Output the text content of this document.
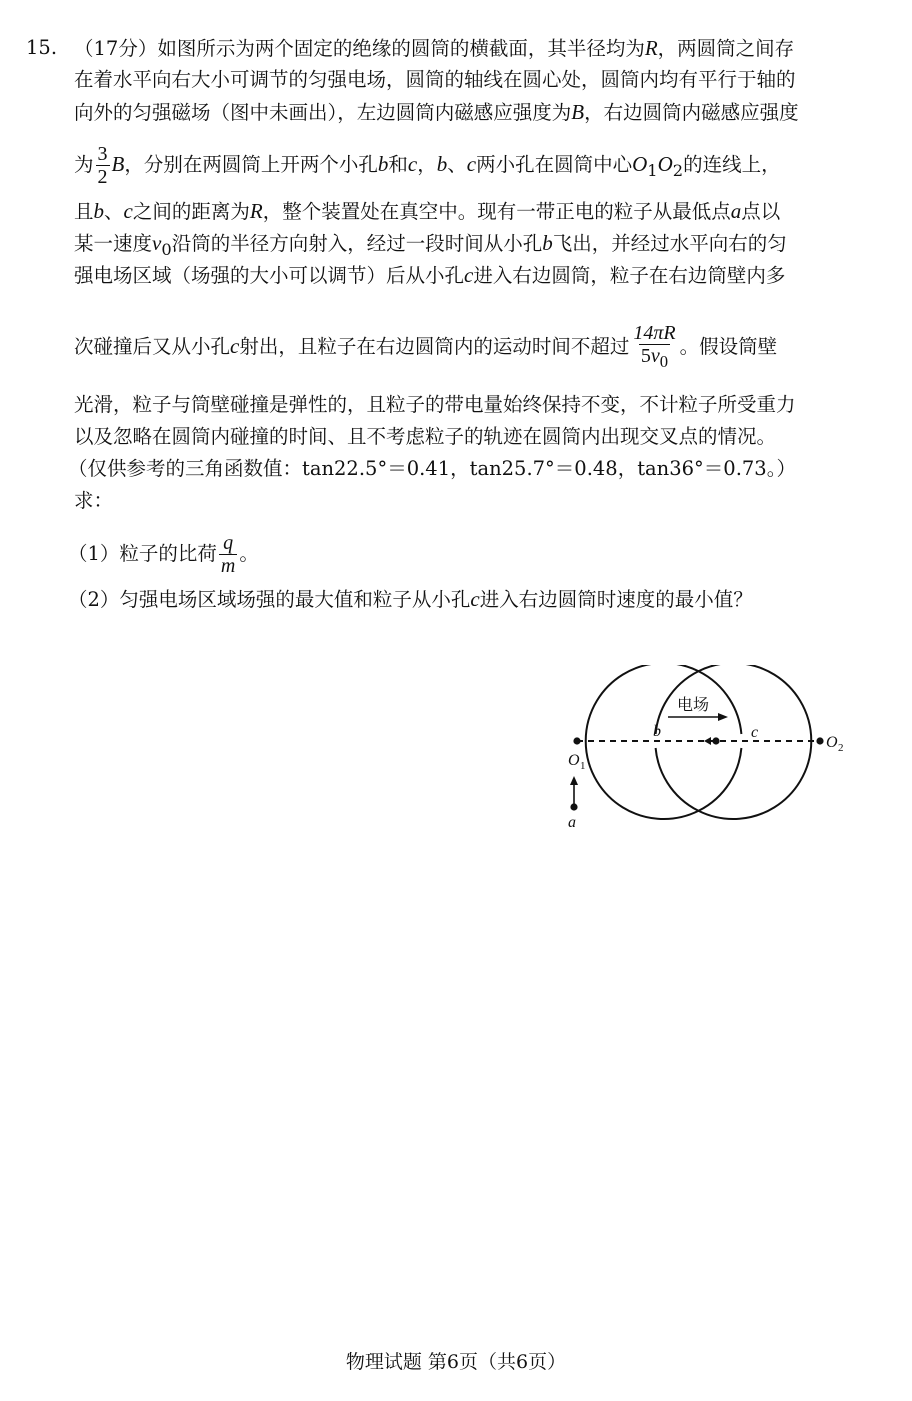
15. （17分）如图所示为两个固定的绝缘的圆筒的横截面，其半径均为R，两圆筒之间存
在着水平向右大小可调节的匀强电场，圆筒的轴线在圆心处，圆筒内均有平行于轴的
向外的匀强磁场（图中未画出），左边圆筒内磁感应强度为B，右边圆筒内磁感应强度
为 $\frac{3}{2}$ B，分别在两圆筒上开两个小孔b和c，b、c两小孔在圆筒中心$O_1O_2$的连线上，
且b、c之间的距离为R，整个装置处在真空中。现有一带正电的粒子从最低点a点以
某一速度$v_0$沿筒的半径方向射入，经过一段时间从小孔b飞出，并经过水平向右的匀
强电场区域（场强的大小可以调节）后从小孔c进入右边圆筒，粒子在右边筒壁内多
次碰撞后又从小孔c射出，且粒子在右边圆筒内的运动时间不超过 $\frac{14\pi R}{5v_0}$ 。假设筒壁
光滑，粒子与筒壁碰撞是弹性的，且粒子的带电量始终保持不变，不计粒子所受重力
以及忽略在圆筒内碰撞的时间、且不考虑粒子的轨迹在圆筒内出现交叉点的情况。
（仅供参考的三角函数值：tan22.5°＝0.41，tan25.7°＝0.48，tan36°＝0.73。）
求：
（1）粒子的比荷 $\frac{q}{m}$ 。
（2）匀强电场区域场强的最大值和粒子从小孔c进入右边圆筒时速度的最小值？
电场
b	c
O 1
O 2
a
物理试题 第6页（共6页）
